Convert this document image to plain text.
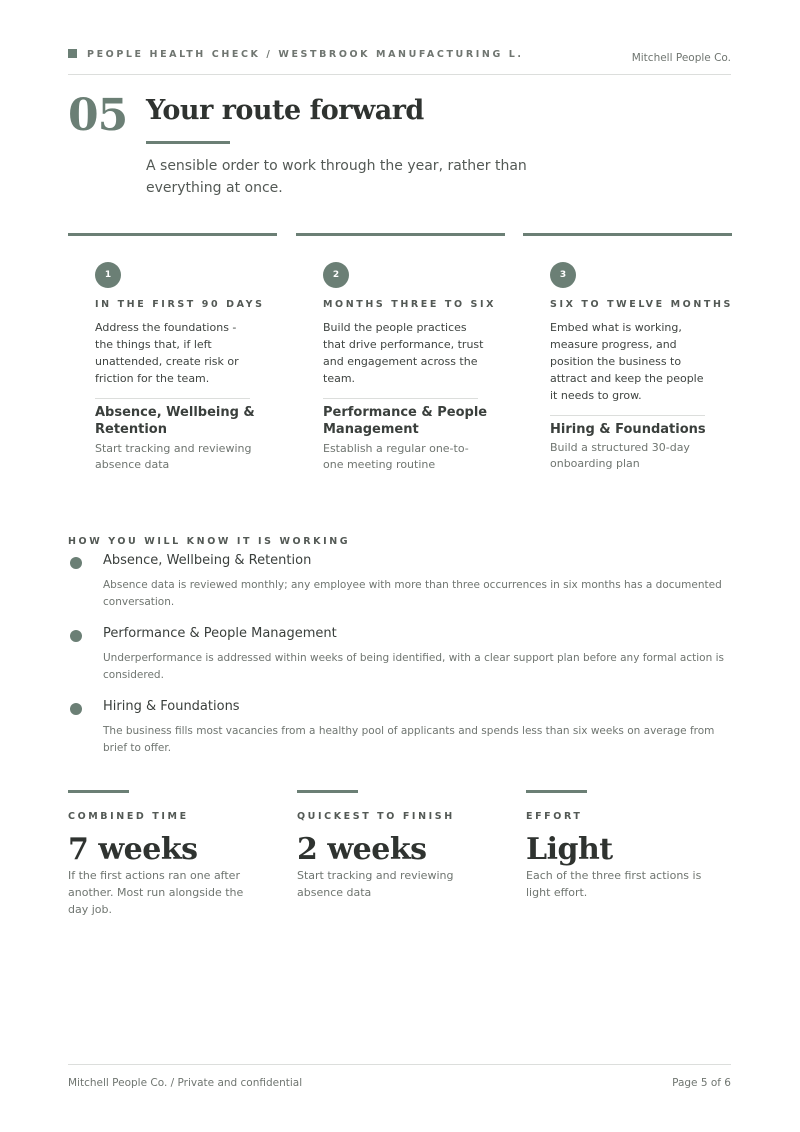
PEOPLE HEALTH CHECK / WESTBROOK MANUFACTURING L.	Mitchell People Co.
05 Your route forward

A sensible order to work through the year, rather than everything at once.

1
IN THE FIRST 90 DAYS
Address the foundations - the things that, if left unattended, create risk or friction for the team.
Absence, Wellbeing & Retention
Start tracking and reviewing absence data
2
MONTHS THREE TO SIX
Build the people practices that drive performance, trust and engagement across the team.
Performance & People Management
Establish a regular one-to-one meeting routine
3
SIX TO TWELVE MONTHS
Embed what is working, measure progress, and position the business to attract and keep the people it needs to grow.
Hiring & Foundations
Build a structured 30-day onboarding plan
HOW YOU WILL KNOW IT IS WORKING
Absence, Wellbeing & Retention
Absence data is reviewed monthly; any employee with more than three occurrences in six months has a documented conversation.
Performance & People Management
Underperformance is addressed within weeks of being identified, with a clear support plan before any formal action is considered.
Hiring & Foundations
The business fills most vacancies from a healthy pool of applicants and spends less than six weeks on average from brief to offer.
COMBINED TIME
7 weeks
If the first actions ran one after another. Most run alongside the day job.
QUICKEST TO FINISH
2 weeks
Start tracking and reviewing absence data
EFFORT
Light
Each of the three first actions is light effort.
Mitchell People Co. / Private and confidential	Page 5 of 6
